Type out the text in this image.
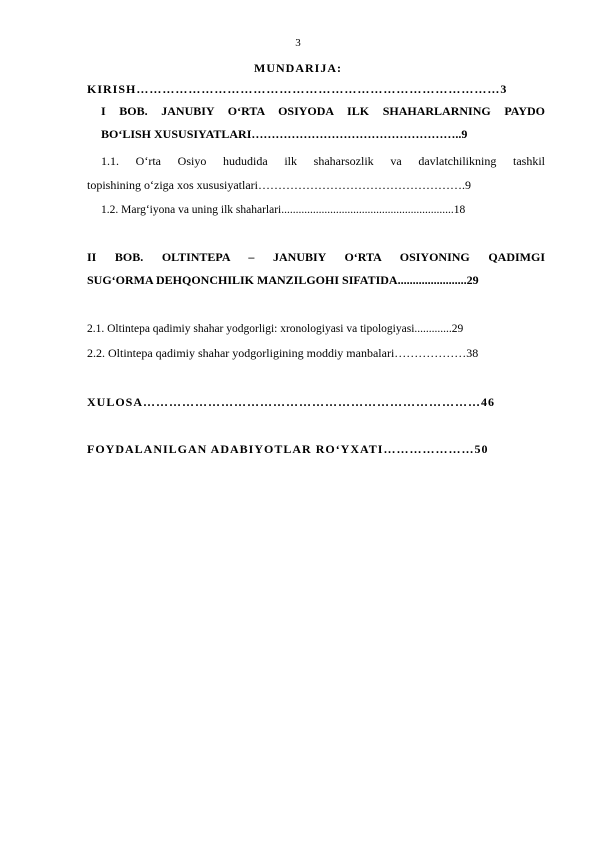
3
MUNDARIJA:
KIRISH…………………………………………………………………………3
I BOB. JANUBIY O‘RTA OSIYODA ILK SHAHARLARNING PAYDO
BO‘LISH XUSUSIYATLARI……………………………………………..9
1.1. O‘rta Osiyo hududida ilk shaharsozlik va davlatchilikning tashkil
topishining o‘ziga xos xususiyatlari…………………………………………….9
1.2. Marg‘iyona va uning ilk shaharlari............................................................18
II BOB. OLTINTEPA – JANUBIY O‘RTA OSIYONING QADIMGI
SUG‘ORMA DEHQONCHILIK MANZILGOHI SIFATIDA.......................29
2.1. Oltintepa qadimiy shahar yodgorligi: xronologiyasi va tipologiyasi.............29
2.2. Oltintepa qadimiy shahar yodgorligining moddiy manbalari………………38
XULOSA……………………………………………………………………46
FOYDALANILGAN ADABIYOTLAR RO‘YXATI…………………50
